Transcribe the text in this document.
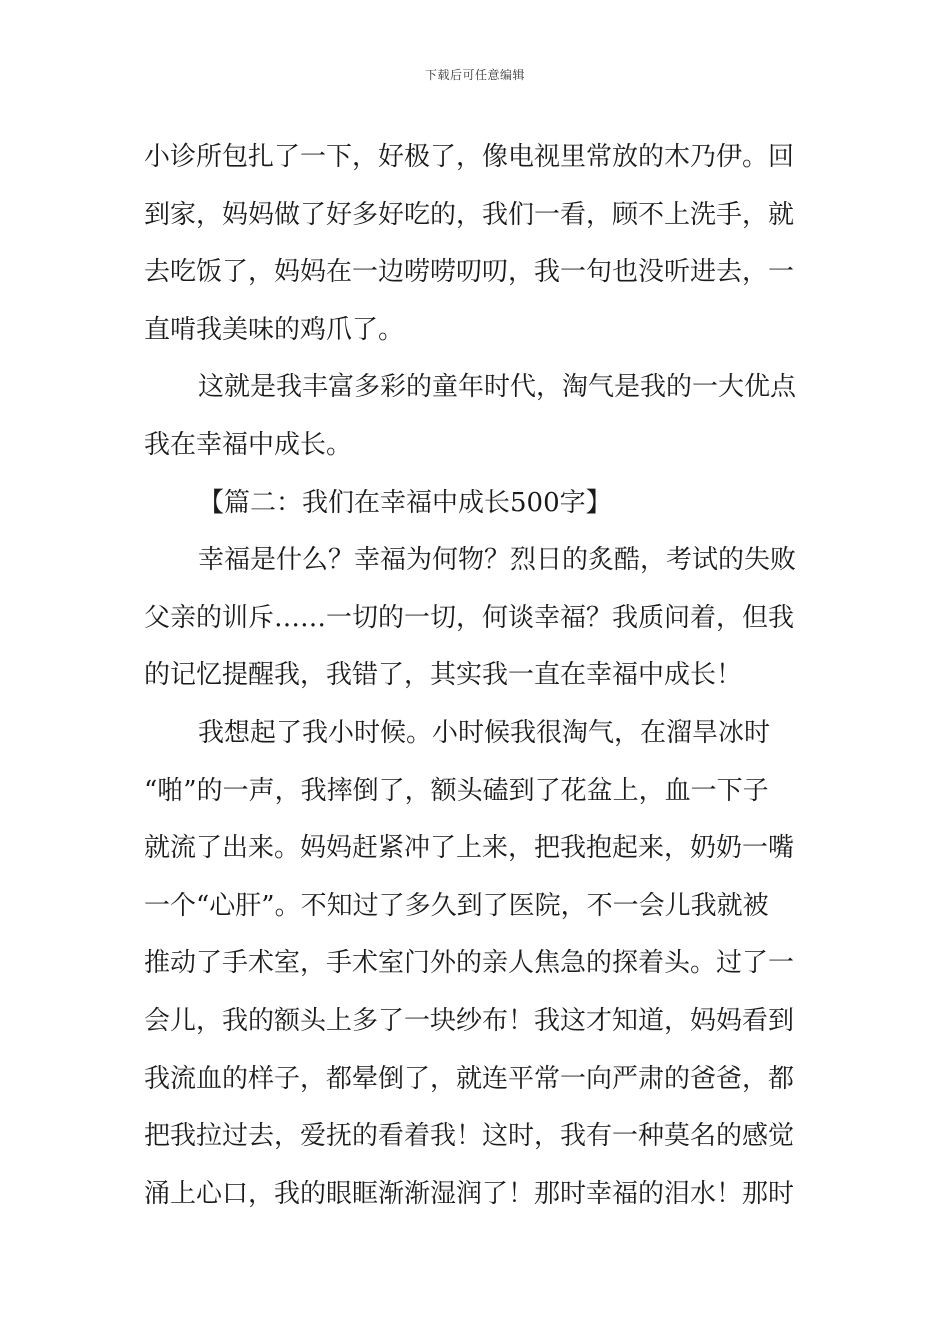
下载后可任意编辑
小诊所包扎了一下，好极了，像电视里常放的木乃伊。回
到家，妈妈做了好多好吃的，我们一看，顾不上洗手，就
去吃饭了，妈妈在一边唠唠叨叨，我一句也没听进去，一
直啃我美味的鸡爪了。
这就是我丰富多彩的童年时代，淘气是我的一大优点
我在幸福中成长。
【篇二：我们在幸福中成长500字】
幸福是什么？幸福为何物？烈日的炙酷，考试的失败
父亲的训斥……一切的一切，何谈幸福？我质问着，但我
的记忆提醒我，我错了，其实我一直在幸福中成长！
我想起了我小时候。小时候我很淘气，在溜旱冰时
“啪”的一声，我摔倒了，额头磕到了花盆上，血一下子
就流了出来。妈妈赶紧冲了上来，把我抱起来，奶奶一嘴
一个“心肝”。不知过了多久到了医院，不一会儿我就被
推动了手术室，手术室门外的亲人焦急的探着头。过了一
会儿，我的额头上多了一块纱布！我这才知道，妈妈看到
我流血的样子，都晕倒了，就连平常一向严肃的爸爸，都
把我拉过去，爱抚的看着我！这时，我有一种莫名的感觉
涌上心口，我的眼眶渐渐湿润了！那时幸福的泪水！那时
